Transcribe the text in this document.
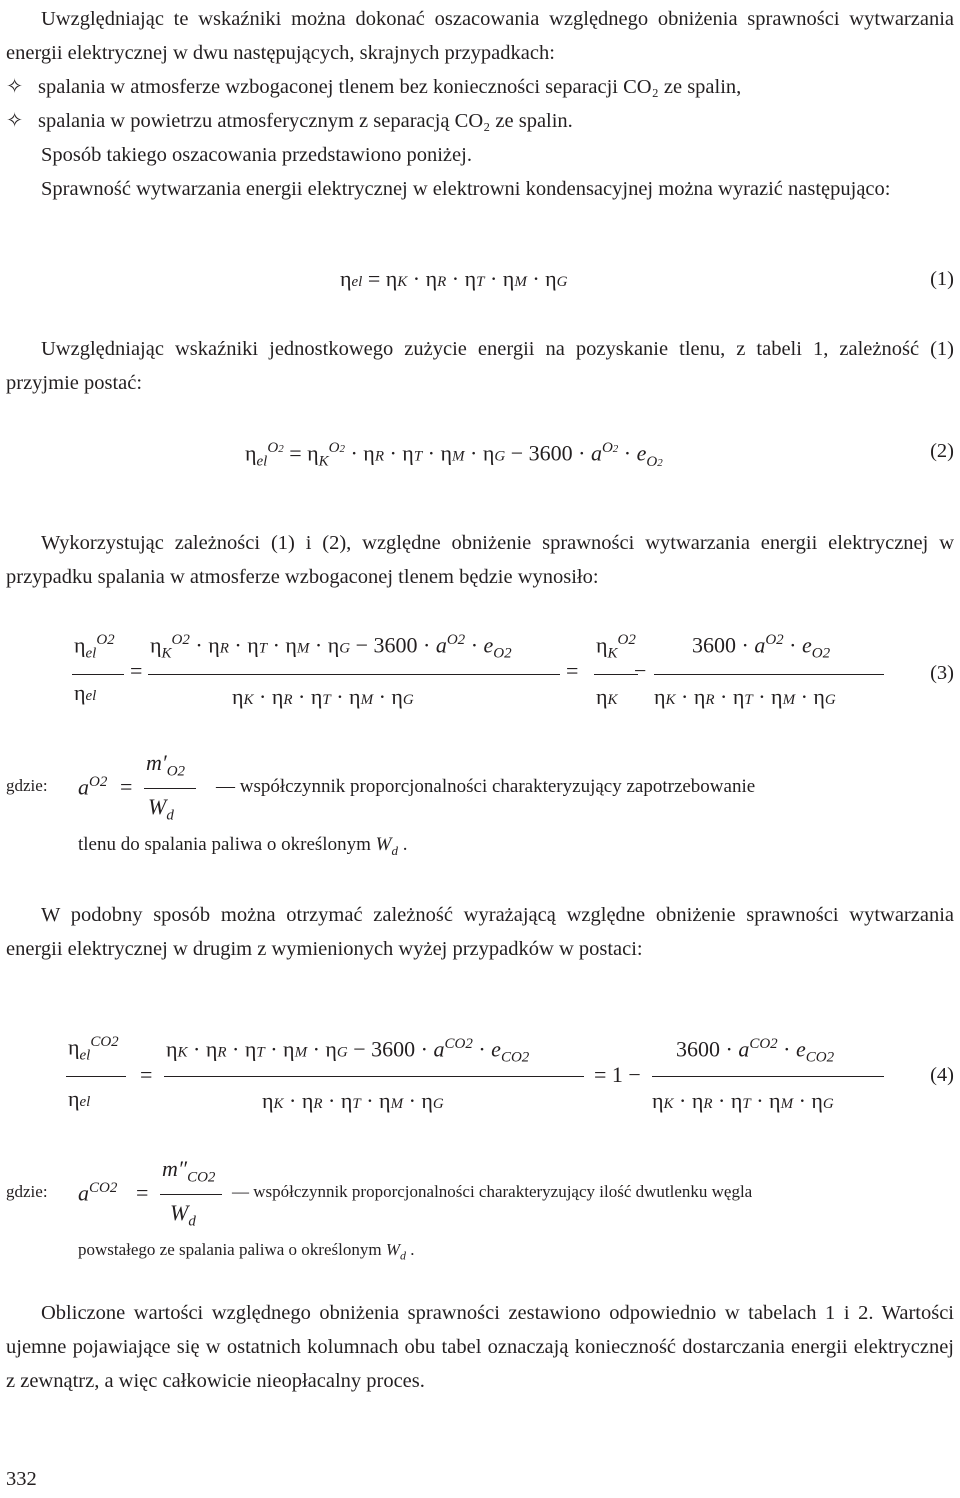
Uwzględniając te wskaźniki można dokonać oszacowania względnego obniżenia sprawności wytwarzania energii elektrycznej w dwu następujących, skrajnych przypadkach:

✧ spalania w atmosferze wzbogaconej tlenem bez konieczności separacji CO₂ ze spalin,
✧ spalania w powietrzu atmosferycznym z separacją CO₂ ze spalin.

Sposób takiego oszacowania przedstawiono poniżej.

Sprawność wytwarzania energii elektrycznej w elektrowni kondensacyjnej można wyrazić następująco:

ηel = ηK · ηR · ηT · ηM · ηG	(1)

Uwzględniając wskaźniki jednostkowego zużycie energii na pozyskanie tlenu, z tabeli 1, zależność (1) przyjmie postać:

$\eta_{el}^{O2} = \eta_K^{O2} \cdot \eta R \cdot \eta T \cdot \eta M \cdot \eta G - 3600 \cdot a^{O2} \cdot e_{O2}$
(2)

Wykorzystując zależności (1) i (2), względne obniżenie sprawności wytwarzania energii elektrycznej w przypadku spalania w atmosferze wzbogaconej tlenem będzie wynosiło:

$\eta_{el}^{O2}$
ηel
=
$\eta_K^{O2} \cdot \eta R \cdot \eta T \cdot \eta M \cdot \eta G - 3600 \cdot a^{O2} \cdot e_{O2}$
ηK · ηR · ηT · ηM · ηG
=
$\eta_K^{O2}$
ηK
−
$3600 \cdot a^{O2} \cdot e_{O2}$
ηK · ηR · ηT · ηM · ηG
(3)
gdzie: $a^{O2}$ =
$m'_{O2}$
$W_d$
— współczynnik proporcjonalności charakteryzujący zapotrzebowanie
tlenu do spalania paliwa o określonym $W_d$ .

W podobny sposób można otrzymać zależność wyrażającą względne obniżenie sprawności wytwarzania energii elektrycznej w drugim z wymienionych wyżej przypadków w postaci:

$\eta_{el}^{CO2}$
ηel
=
$\eta K \cdot \eta R \cdot \eta T \cdot \eta M \cdot \eta G - 3600 \cdot a^{CO2} \cdot e_{CO2}$
ηK · ηR · ηT · ηM · ηG
= 1 −
$3600 \cdot a^{CO2} \cdot e_{CO2}$
ηK · ηR · ηT · ηM · ηG
(4)
gdzie: $a^{CO2}$ =
$m''_{CO2}$
$W_d$
— współczynnik proporcjonalności charakteryzujący ilość dwutlenku węgla
powstałego ze spalania paliwa o określonym $W_d$ .

Obliczone wartości względnego obniżenia sprawności zestawiono odpowiednio w tabelach 1 i 2. Wartości ujemne pojawiające się w ostatnich kolumnach obu tabel oznaczają konieczność dostarczania energii elektrycznej z zewnątrz, a więc całkowicie nieopłacalny proces.

332
